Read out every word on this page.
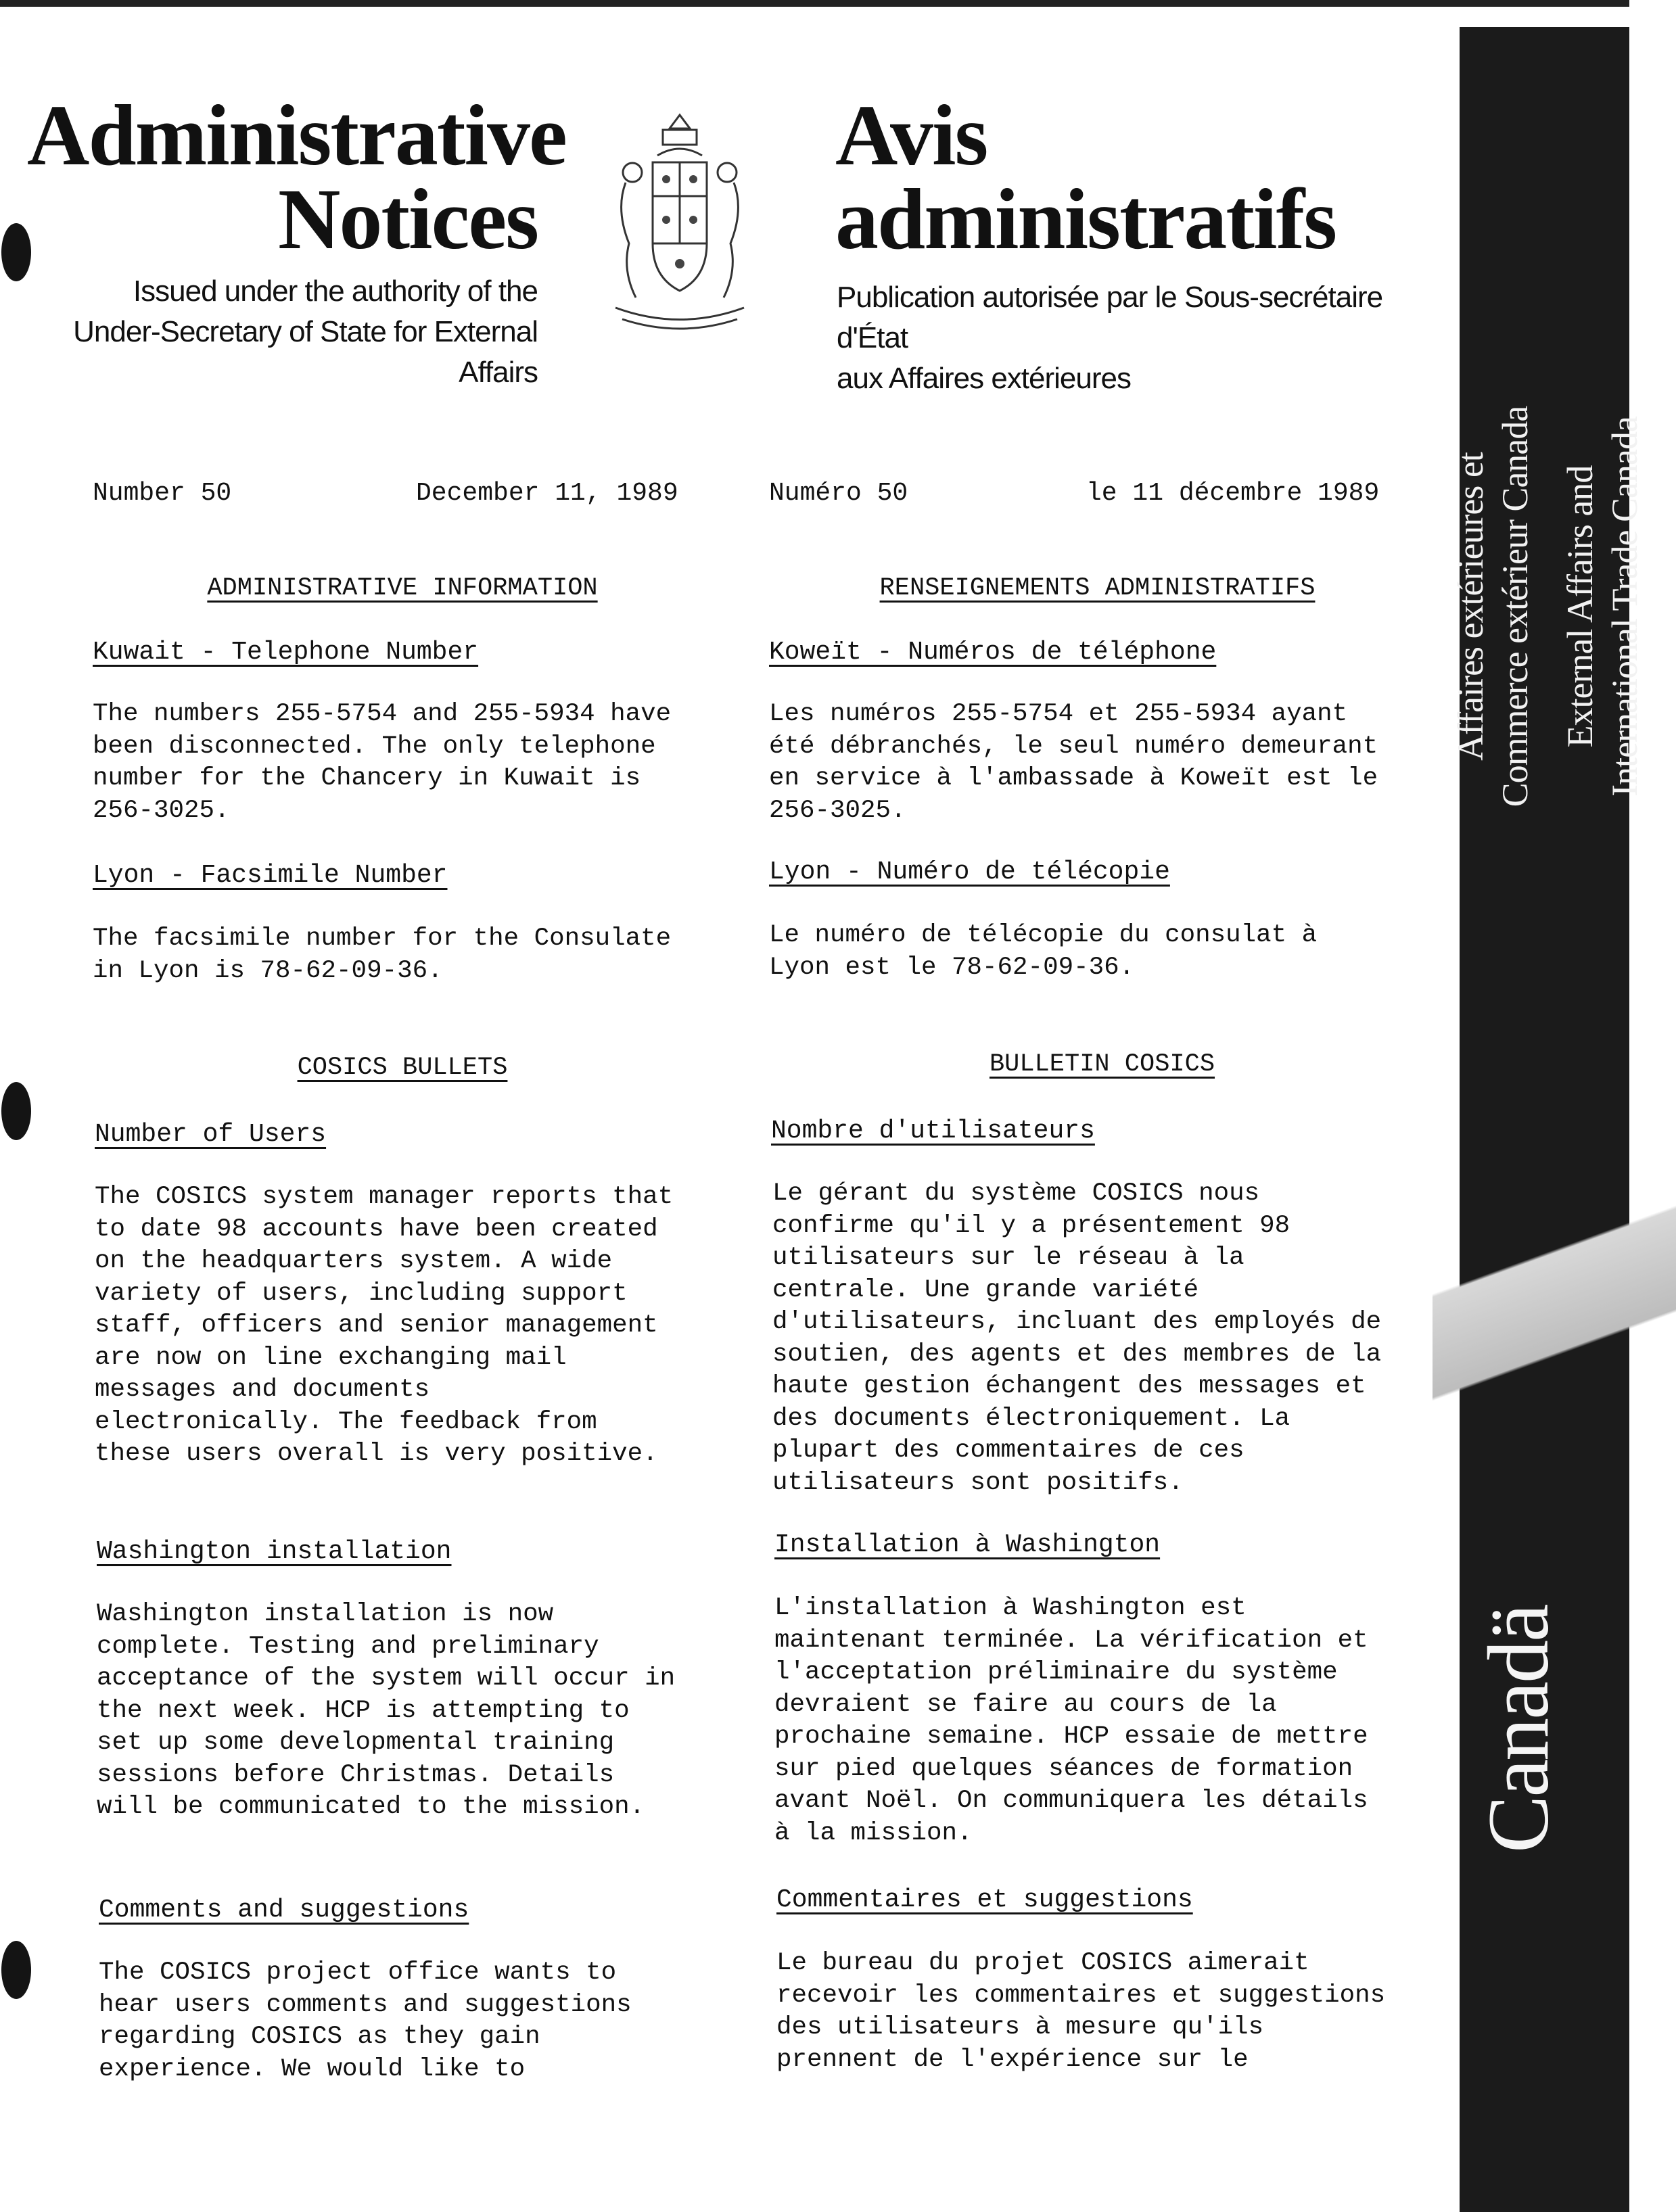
Administrative
Notices
Issued under the authority of the
Under-Secretary of State for External Affairs
Avis
administratifs
Publication autorisée par le Sous-secrétaire d'État
aux Affaires extérieures
Number 50	December 11, 1989	Numéro 50	le 11 décembre 1989
ADMINISTRATIVE INFORMATION
Kuwait - Telephone Number
The numbers 255-5754 and 255-5934 have
been disconnected. The only telephone
number for the Chancery in Kuwait is
256-3025.
Lyon - Facsimile Number
The facsimile number for the Consulate
in Lyon is 78-62-09-36.
COSICS BULLETS
Number of Users
The COSICS system manager reports that
to date 98 accounts have been created
on the headquarters system. A wide
variety of users, including support
staff, officers and senior management
are now on line exchanging mail
messages and documents
electronically. The feedback from
these users overall is very positive.
Washington installation
Washington installation is now
complete. Testing and preliminary
acceptance of the system will occur in
the next week. HCP is attempting to
set up some developmental training
sessions before Christmas. Details
will be communicated to the mission.
Comments and suggestions
The COSICS project office wants to
hear users comments and suggestions
regarding COSICS as they gain
experience. We would like to
RENSEIGNEMENTS ADMINISTRATIFS
Koweït - Numéros de téléphone
Les numéros 255-5754 et 255-5934 ayant
été débranchés, le seul numéro demeurant
en service à l'ambassade à Koweït est le
256-3025.
Lyon - Numéro de télécopie
Le numéro de télécopie du consulat à
Lyon est le 78-62-09-36.
BULLETIN COSICS
Nombre d'utilisateurs
Le gérant du système COSICS nous
confirme qu'il y a présentement 98
utilisateurs sur le réseau à la
centrale. Une grande variété
d'utilisateurs, incluant des employés de
soutien, des agents et des membres de la
haute gestion échangent des messages et
des documents électroniquement. La
plupart des commentaires de ces
utilisateurs sont positifs.
Installation à Washington
L'installation à Washington est
maintenant terminée. La vérification et
l'acceptation préliminaire du système
devraient se faire au cours de la
prochaine semaine. HCP essaie de mettre
sur pied quelques séances de formation
avant Noël. On communiquera les détails
à la mission.
Commentaires et suggestions
Le bureau du projet COSICS aimerait
recevoir les commentaires et suggestions
des utilisateurs à mesure qu'ils
prennent de l'expérience sur le
Affaires extérieures et Commerce extérieur Canada External Affairs and International Trade Canada
Canadä
